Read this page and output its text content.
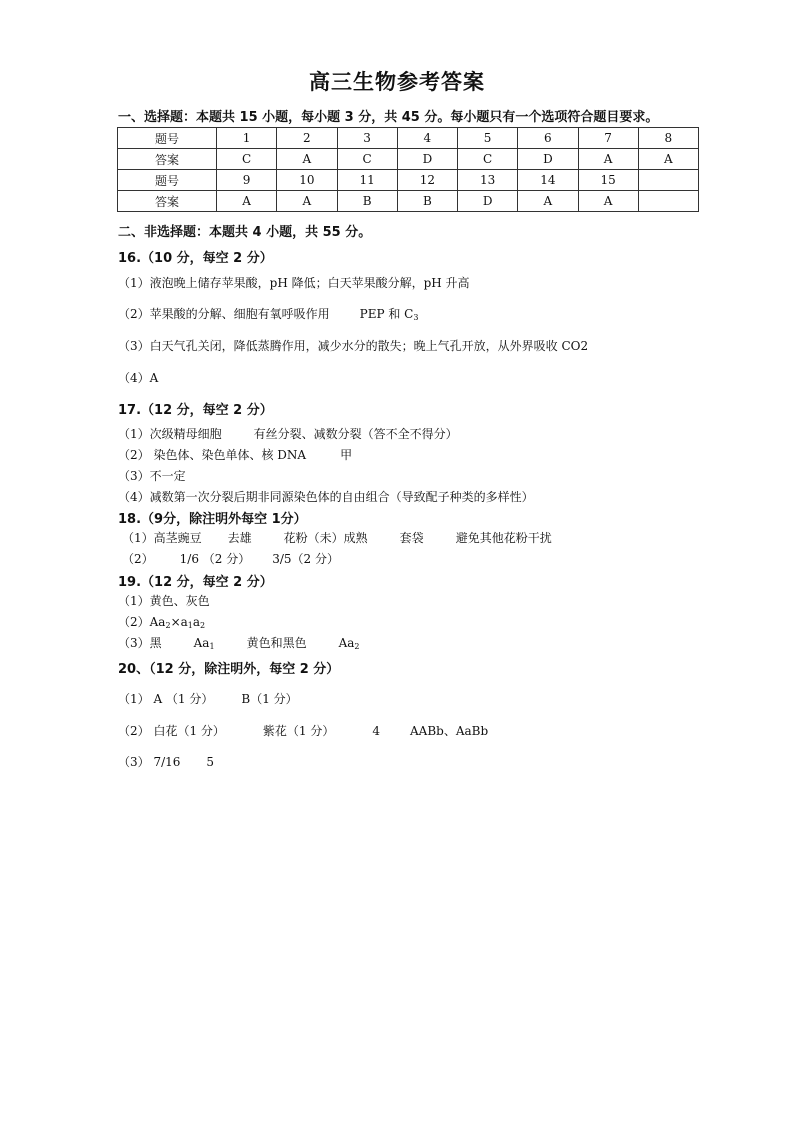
高三生物参考答案
一、选择题：本题共 15 小题，每小题 3 分，共 45 分。每小题只有一个选项符合题目要求。
题号	1	2	3	4	5	6	7	8
答案	C	A	C	D	C	D	A	A
题号	9	10	11	12	13	14	15	
答案	A	A	B	B	D	A	A	
二、非选择题：本题共 4 小题，共 55 分。
16.（10 分，每空 2 分）
（1）液泡晚上储存苹果酸，pH 降低；白天苹果酸分解，pH 升高
（2）苹果酸的分解、细胞有氧呼吸作用	PEP 和 $C_3$
（3）白天气孔关闭，降低蒸腾作用，减少水分的散失；晚上气孔开放，从外界吸收 CO2
（4）A
17.（12 分，每空 2 分）
（1）次级精母细胞	有丝分裂、减数分裂（答不全不得分）
（2） 染色体、染色单体、核 DNA	甲
（3）不一定
（4）减数第一次分裂后期非同源染色体的自由组合（导致配子种类的多样性）
18.（9分，除注明外每空 1分）
（1）高茎豌豆 去雄	花粉（未）成熟	套袋	避免其他花粉干扰
（2） 1/6 （2 分） 3/5（2 分）
19.（12 分，每空 2 分）
（1）黄色、灰色
$(2)Aa_2\times a_1a_2$
（3）黑	$Aa_1$	黄色和黑色	$Aa_2$
20、（12 分，除注明外，每空 2 分）
（1） A （1 分） B（1 分）
（2） 白花（1 分）	紫花（1 分）	4	AABb、AaBb
（3） 7/16 5
